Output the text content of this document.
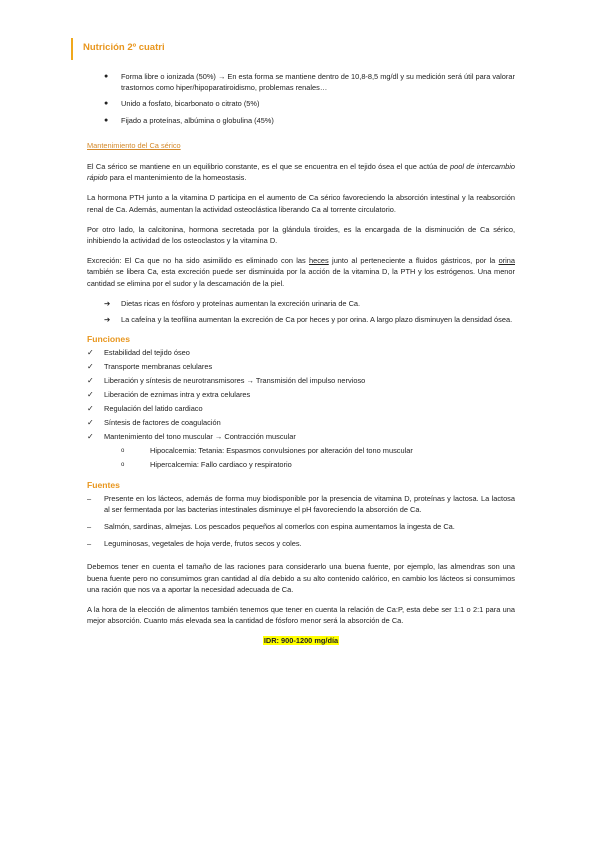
Nutrición 2º cuatri
● Forma libre o ionizada (50%) → En esta forma se mantiene dentro de 10,8-8,5 mg/dl y su medición será útil para valorar trastornos como hiper/hipoparatiroidismo, problemas renales…
● Unido a fosfato, bicarbonato o citrato (5%)
● Fijado a proteínas, albúmina o globulina (45%)
Mantenimiento del Ca sérico

El Ca sérico se mantiene en un equilibrio constante, es el que se encuentra en el tejido ósea el que actúa de pool de intercambio rápido para el mantenimiento de la homeostasis.

La hormona PTH junto a la vitamina D participa en el aumento de Ca sérico favoreciendo la absorción intestinal y la reabsorción renal de Ca. Además, aumentan la actividad osteoclástica liberando Ca al torrente circulatorio.

Por otro lado, la calcitonina, hormona secretada por la glándula tiroides, es la encargada de la disminución de Ca sérico, inhibiendo la actividad de los osteoclastos y la vitamina D.

Excreción: El Ca que no ha sido asimilido es eliminado con las heces junto al perteneciente a fluidos gástricos, por la orina también se libera Ca, esta excreción puede ser disminuida por la acción de la vitamina D, la PTH y los estrógenos. Una menor cantidad se elimina por el sudor y la descamación de la piel.

➔ Dietas ricas en fósforo y proteínas aumentan la excreción urinaria de Ca.
➔ La cafeína y la teofilina aumentan la excreción de Ca por heces y por orina. A largo plazo disminuyen la densidad ósea.
Funciones
✓ Estabilidad del tejido óseo
✓ Transporte membranas celulares
✓ Liberación y síntesis de neurotransmisores → Transmisión del impulso nervioso
✓ Liberación de eznimas intra y extra celulares
✓ Regulación del latido cardiaco
✓ Síntesis de factores de coagulación
✓ Mantenimiento del tono muscular → Contracción muscular
o	Hipocalcemia: Tetania: Espasmos convulsiones por alteración del tono muscular
o	Hipercalcemia: Fallo cardiaco y respiratorio
Fuentes
– Presente en los lácteos, además de forma muy biodisponible por la presencia de vitamina D, proteínas y lactosa. La lactosa al ser fermentada por las bacterias intestinales disminuye el pH favoreciendo la absorción de Ca.
– Salmón, sardinas, almejas. Los pescados pequeños al comerlos con espina aumentamos la ingesta de Ca.
– Leguminosas, vegetales de hoja verde, frutos secos y coles.

Debemos tener en cuenta el tamaño de las raciones para considerarlo una buena fuente, por ejemplo, las almendras son una buena fuente pero no consumimos gran cantidad al día debido a su alto contenido calórico, en cambio los lácteos si consumimos una ración que nos va a aportar la necesidad adecuada de Ca.

A la hora de la elección de alimentos también tenemos que tener en cuenta la relación de Ca:P, esta debe ser 1:1 o 2:1 para una mejor absorción. Cuanto más elevada sea la cantidad de fósforo menor será la absorción de Ca.

IDR: 900-1200 mg/día
